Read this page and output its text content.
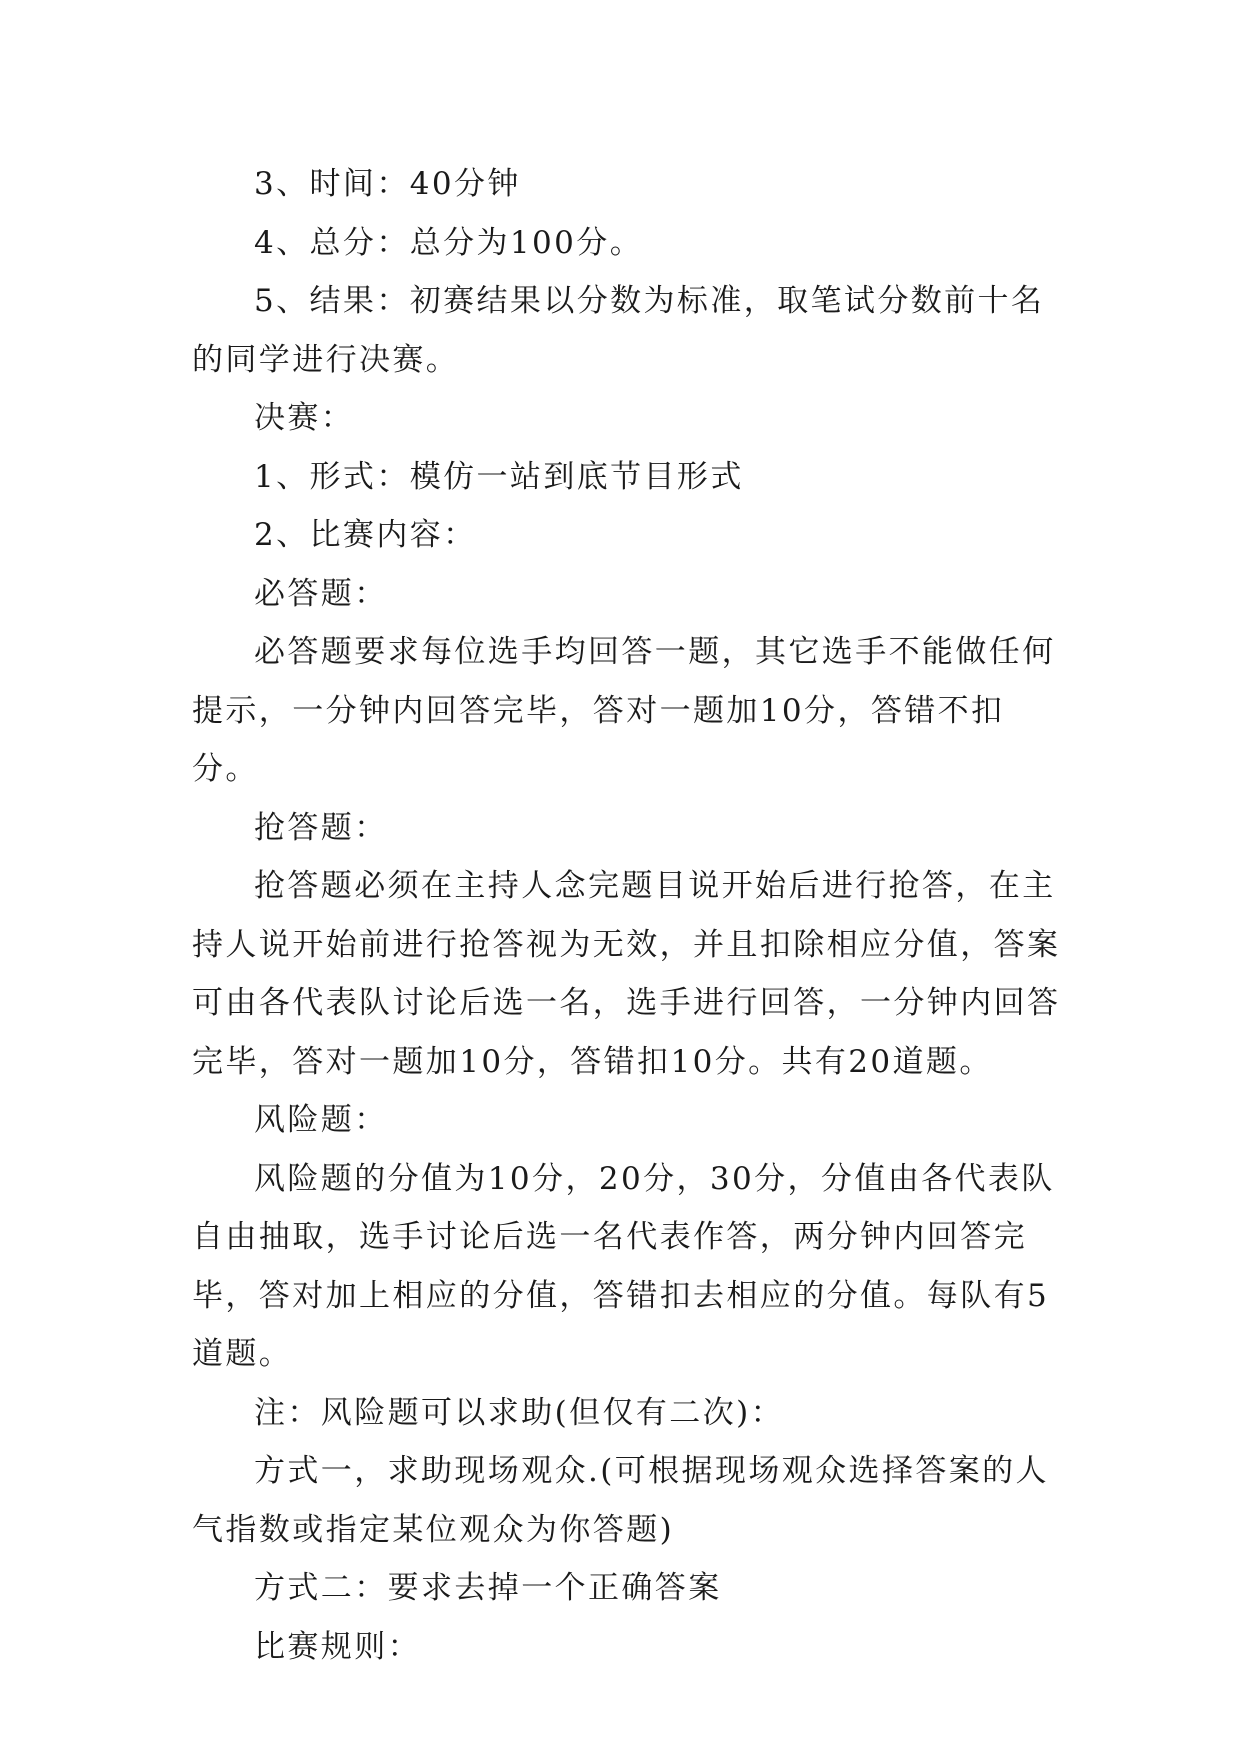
3、时间：40分钟

4、总分：总分为100分。

5、结果：初赛结果以分数为标准，取笔试分数前十名的同学进行决赛。

决赛：

1、形式：模仿一站到底节目形式

2、比赛内容：

必答题：

必答题要求每位选手均回答一题，其它选手不能做任何提示，一分钟内回答完毕，答对一题加10分，答错不扣分。

抢答题：

抢答题必须在主持人念完题目说开始后进行抢答，在主持人说开始前进行抢答视为无效，并且扣除相应分值，答案可由各代表队讨论后选一名，选手进行回答，一分钟内回答完毕，答对一题加10分，答错扣10分。共有20道题。

风险题：

风险题的分值为10分，20分，30分，分值由各代表队自由抽取，选手讨论后选一名代表作答，两分钟内回答完毕，答对加上相应的分值，答错扣去相应的分值。每队有5道题。

注：风险题可以求助(但仅有二次)：

方式一，求助现场观众.(可根据现场观众选择答案的人气指数或指定某位观众为你答题)

方式二：要求去掉一个正确答案

比赛规则：
